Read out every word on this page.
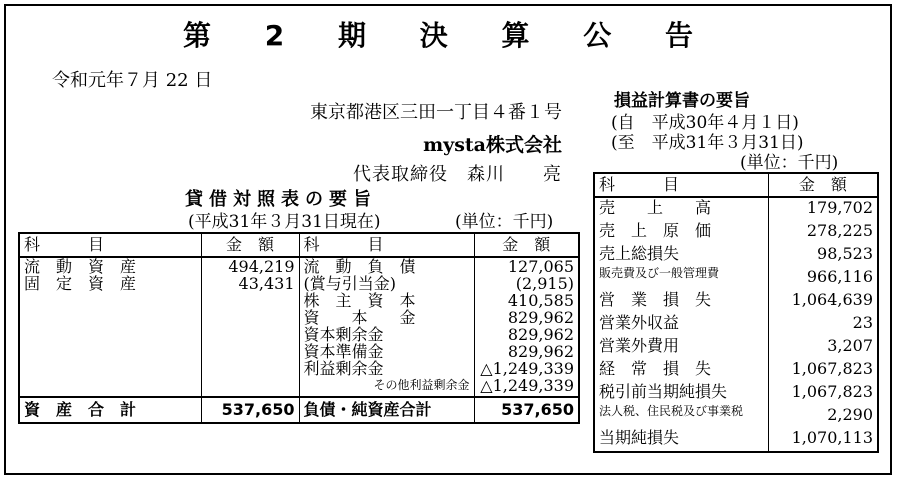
第 2 期 決 算 公 告
令和元年７月 22 日
東京都港区三田一丁目４番１号
mysta株式会社
代表取締役　森川　　亮
貸借対照表の要旨
(平成31年３月31日現在)	(単位：千円)
科　　　目	金　額	科　　　目	金　額
流　動　資　産	494,219	流　動　負　債	127,065
固　定　資　産	43,431	(賞与引当金)	(2,915)
		株　主　資　本	410,585
		資　　本　　金	829,962
		資本剰余金	829,962
		資本準備金	829,962
		利益剰余金	△1,249,339
		その他利益剰余金	△1,249,339
資　産　合　計	537,650	負債・純資産合計	537,650
損益計算書の要旨
(自　平成30年４月１日)
(至　平成31年３月31日)
(単位：千円)
科　　　目	金　額
売　　上　　高	179,702
売　上　原　価	278,225
売上総損失	98,523
販売費及び一般管理費	966,116
営　業　損　失	1,064,639
営業外収益	23
営業外費用	3,207
経　常　損　失	1,067,823
税引前当期純損失	1,067,823
法人税、住民税及び事業税	2,290
当期純損失	1,070,113
